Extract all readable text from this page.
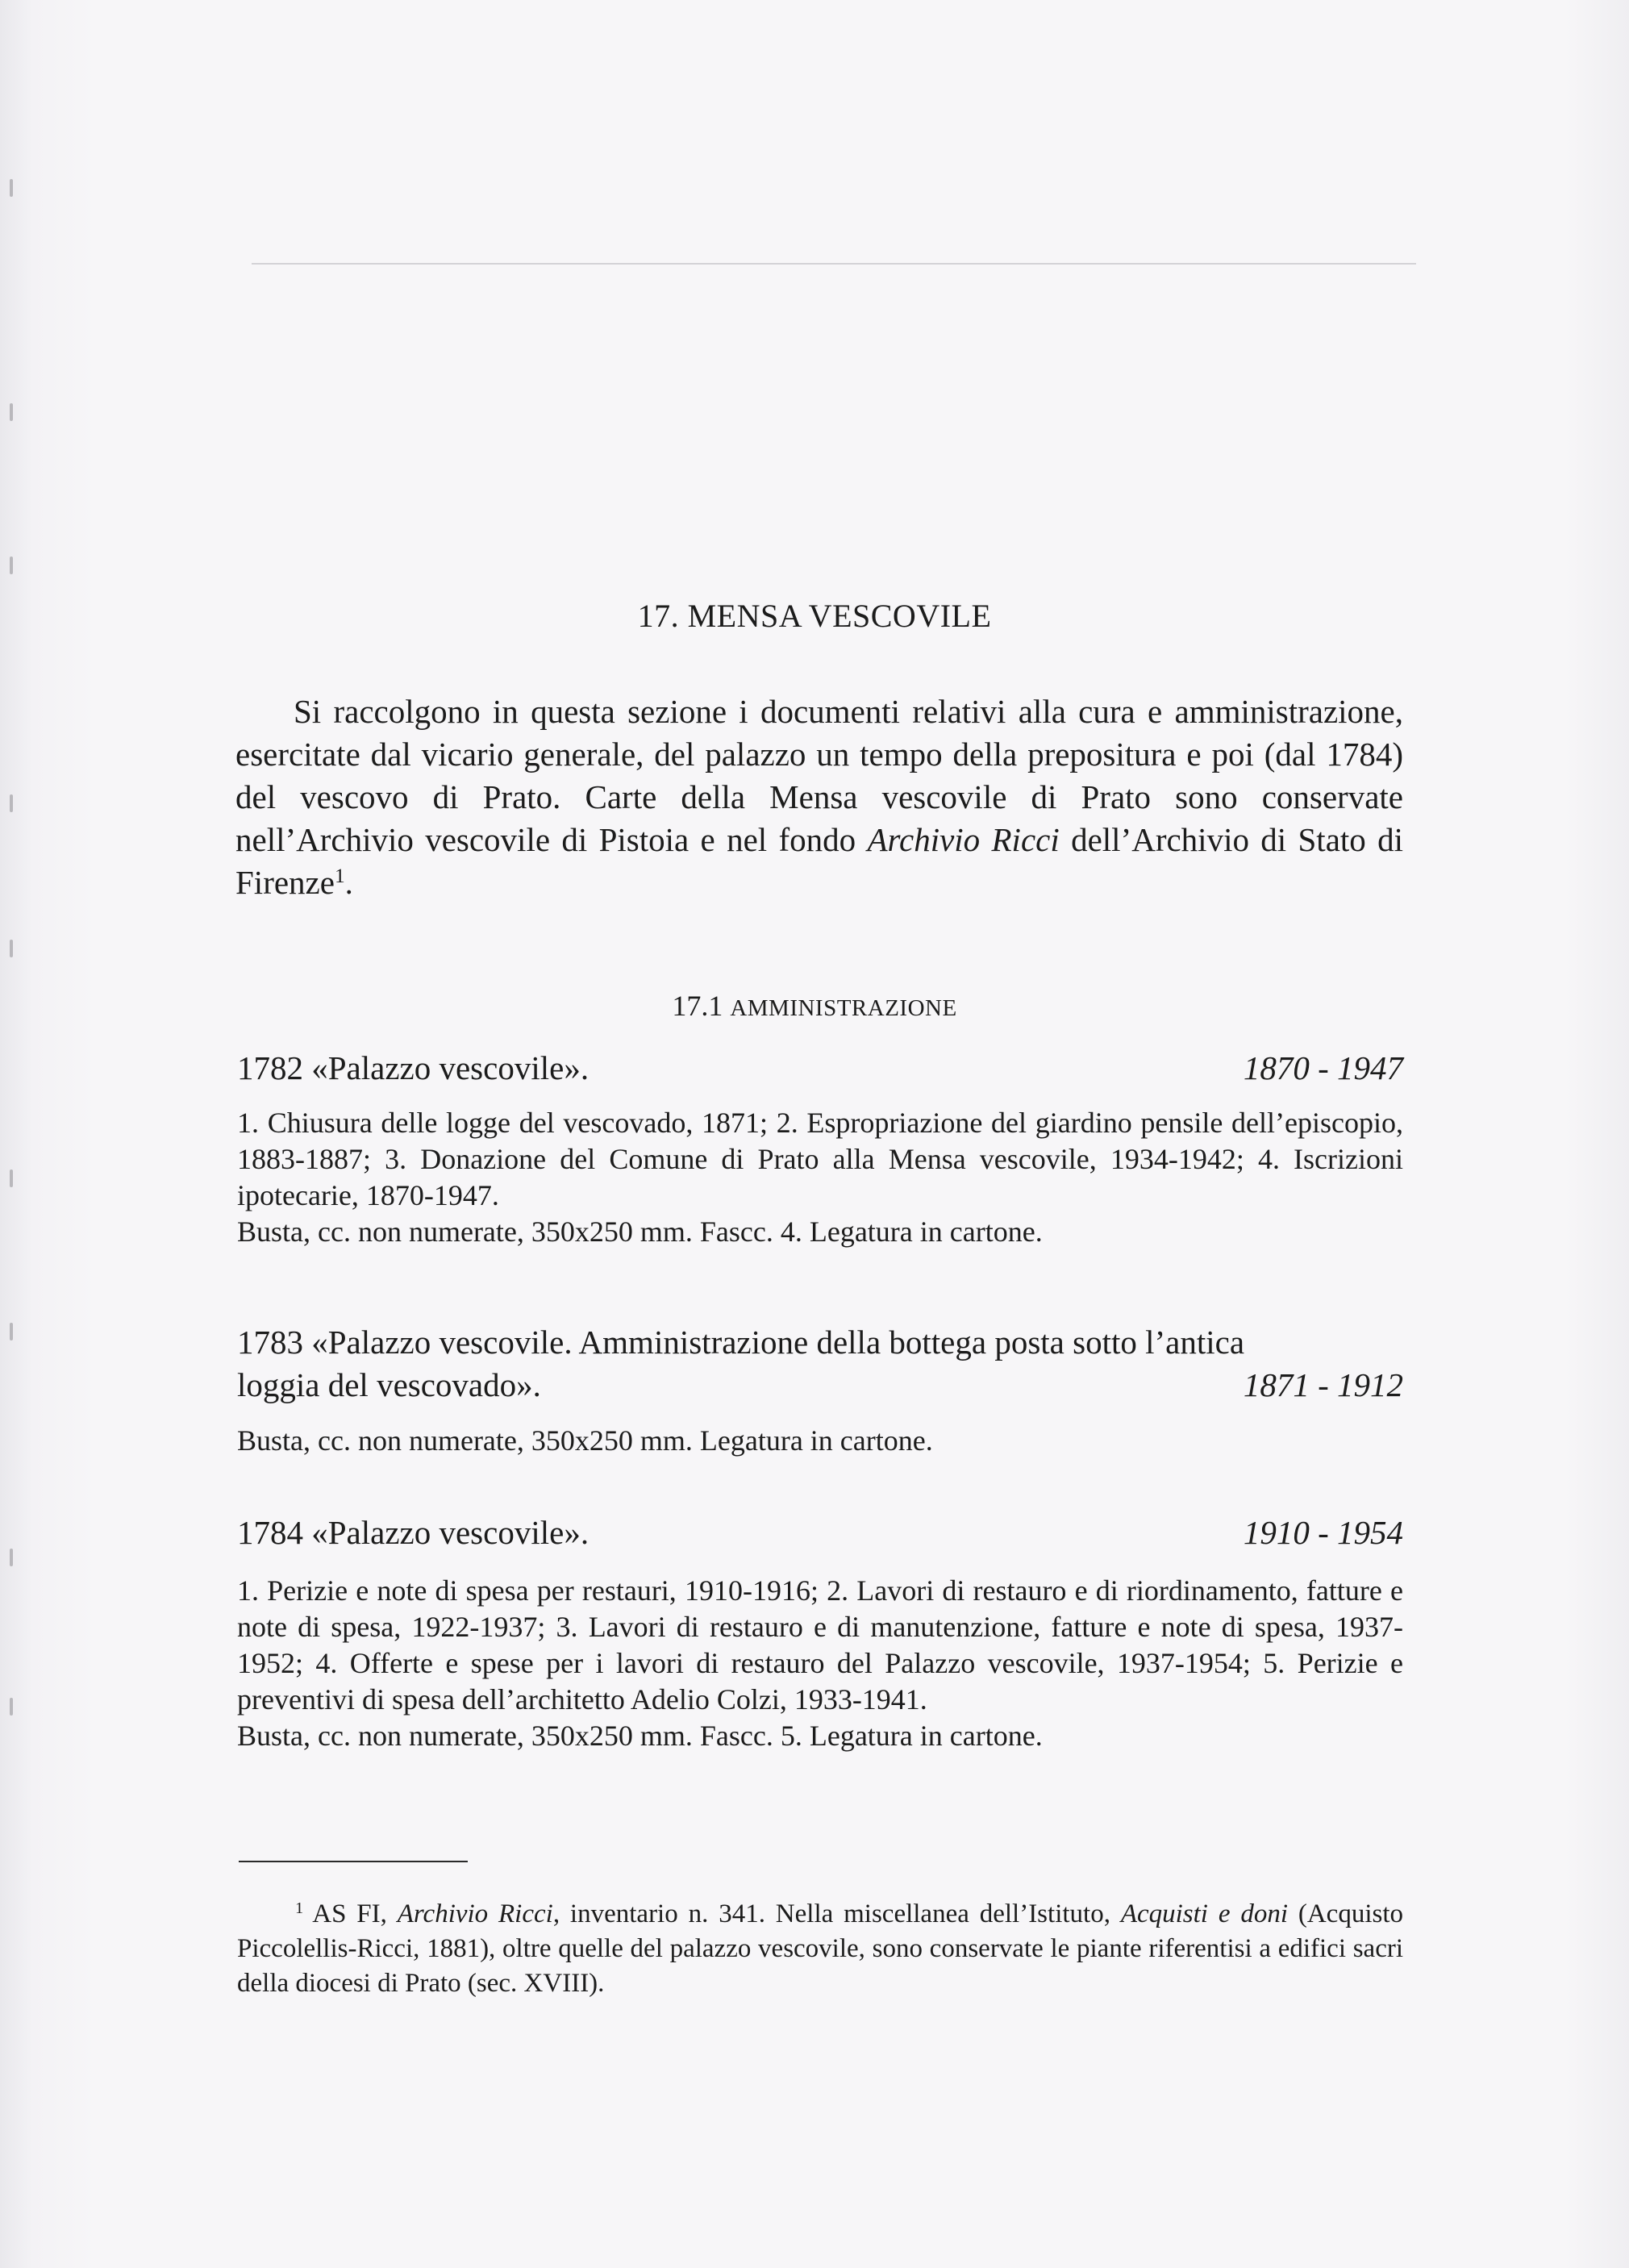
17. MENSA VESCOVILE

Si raccolgono in questa sezione i documenti relativi alla cura e amministrazione, esercitate dal vicario generale, del palazzo un tempo della prepositura e poi (dal 1784) del vescovo di Prato. Carte della Mensa vescovile di Prato sono conservate nell’Archivio vescovile di Pistoia e nel fondo Archivio Ricci dell’Archivio di Stato di Firenze$^1$.

17.1 AMMINISTRAZIONE
1870 - 1947
1782 «Palazzo vescovile».

1. Chiusura delle logge del vescovado, 1871; 2. Espropriazione del giardino pensile dell’episcopio, 1883-1887; 3. Donazione del Comune di Prato alla Mensa vescovile, 1934-1942; 4. Iscrizioni ipotecarie, 1870-1947.

Busta, cc. non numerate, 350x250 mm. Fascc. 4. Legatura in cartone.

1783 «Palazzo vescovile. Amministrazione della bottega posta sotto l’antica
1871 - 1912
loggia del vescovado».

Busta, cc. non numerate, 350x250 mm. Legatura in cartone.

1910 - 1954
1784 «Palazzo vescovile».

1. Perizie e note di spesa per restauri, 1910-1916; 2. Lavori di restauro e di riordinamento, fatture e note di spesa, 1922-1937; 3. Lavori di restauro e di manutenzione, fatture e note di spesa, 1937-1952; 4. Offerte e spese per i lavori di restauro del Palazzo vescovile, 1937-1954; 5. Perizie e preventivi di spesa dell’architetto Adelio Colzi, 1933-1941.

Busta, cc. non numerate, 350x250 mm. Fascc. 5. Legatura in cartone.

$^1$ AS FI, Archivio Ricci, inventario n. 341. Nella miscellanea dell’Istituto, Acquisti e doni (Acquisto Piccolellis-Ricci, 1881), oltre quelle del palazzo vescovile, sono conservate le piante riferentisi a edifici sacri della diocesi di Prato (sec. XVIII).
